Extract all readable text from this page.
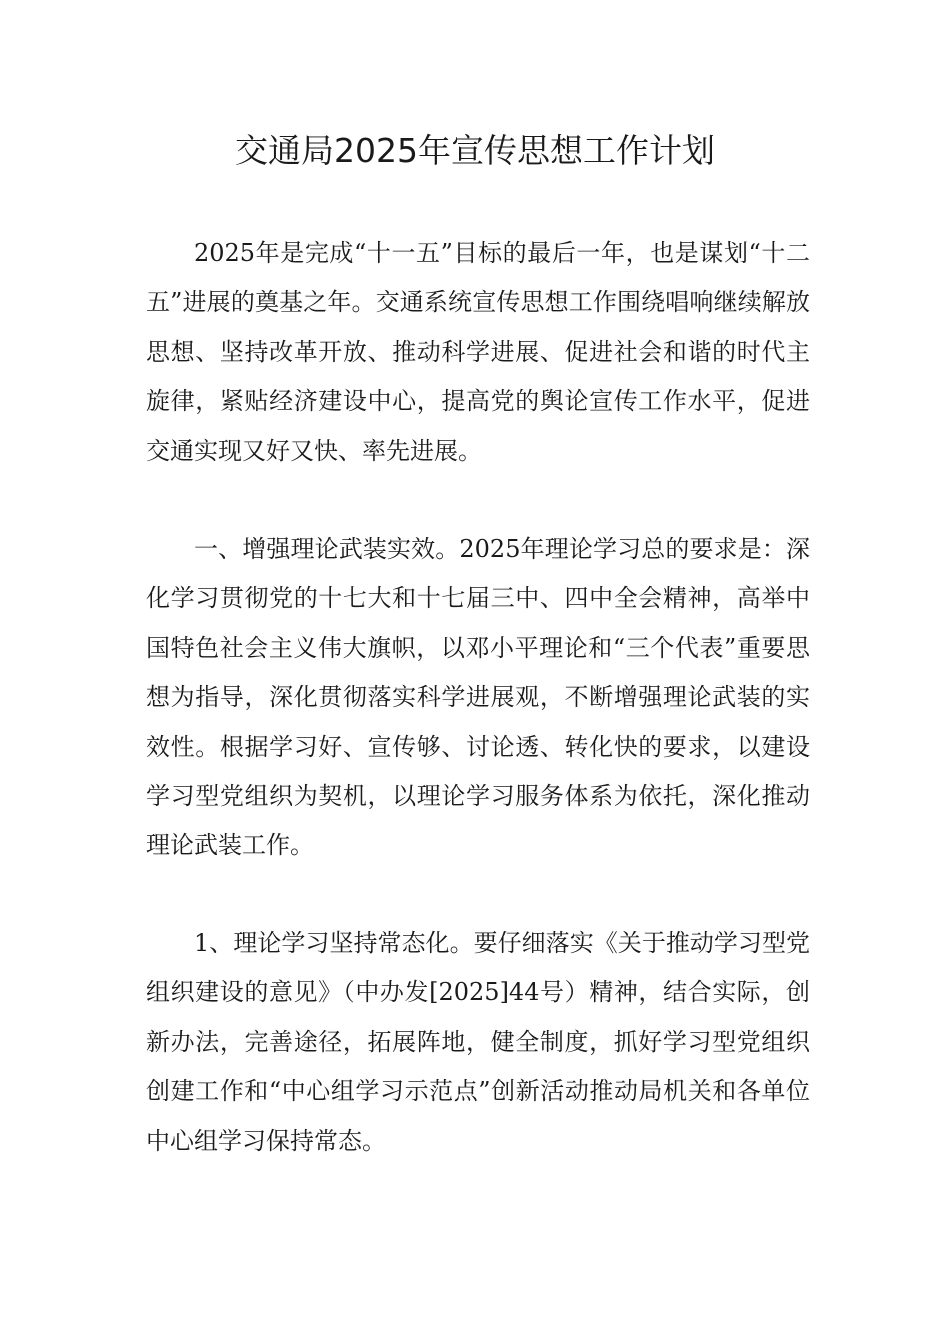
交通局2025年宣传思想工作计划

2025年是完成“十一五”目标的最后一年，也是谋划“十二五”进展的奠基之年。交通系统宣传思想工作围绕唱响继续解放思想、坚持改革开放、推动科学进展、促进社会和谐的时代主旋律，紧贴经济建设中心，提高党的舆论宣传工作水平，促进交通实现又好又快、率先进展。

一、增强理论武装实效。2025年理论学习总的要求是：深化学习贯彻党的十七大和十七届三中、四中全会精神，高举中国特色社会主义伟大旗帜，以邓小平理论和“三个代表”重要思想为指导，深化贯彻落实科学进展观，不断增强理论武装的实效性。根据学习好、宣传够、讨论透、转化快的要求，以建设学习型党组织为契机，以理论学习服务体系为依托，深化推动理论武装工作。

1、理论学习坚持常态化。要仔细落实《关于推动学习型党组织建设的意见》（中办发[2025]44号）精神，结合实际，创新办法，完善途径，拓展阵地，健全制度，抓好学习型党组织创建工作和“中心组学习示范点”创新活动推动局机关和各单位中心组学习保持常态。
